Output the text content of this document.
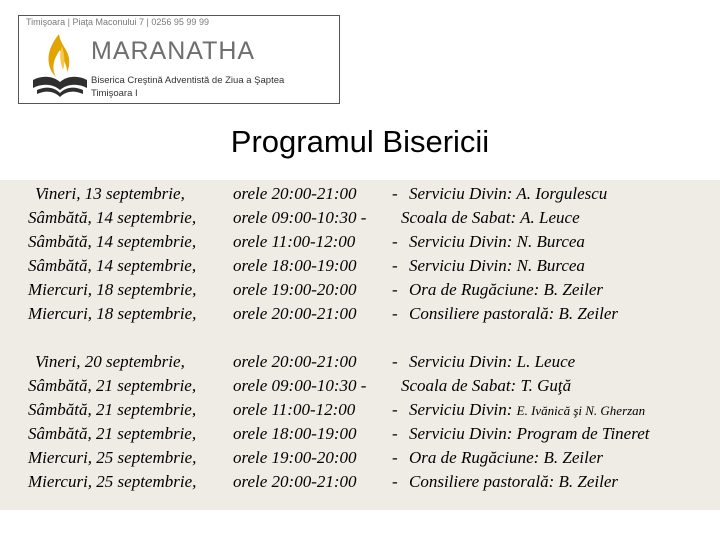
Timişoara | Piaţa Maconului 7 | 0256 95 99 99
MARANATHA
Biserica Creştină Adventistă de Ziua a Şaptea
Timişoara I
Programul Bisericii
Vineri, 13 septembrie,	orele 20:00-21:00 - Serviciu Divin: A. Iorgulescu
Sâmbătă, 14 septembrie, orele 09:00-10:30 - Scoala de Sabat: A. Leuce
Sâmbătă, 14 septembrie, orele 11:00-12:00 - Serviciu Divin: N. Burcea
Sâmbătă, 14 septembrie, orele 18:00-19:00 - Serviciu Divin: N. Burcea
Miercuri, 18 septembrie, orele 19:00-20:00 - Ora de Rugăciune: B. Zeiler
Miercuri, 18 septembrie, orele 20:00-21:00 - Consiliere pastorală: B. Zeiler
Vineri, 20 septembrie,	orele 20:00-21:00 - Serviciu Divin: L. Leuce
Sâmbătă, 21 septembrie, orele 09:00-10:30 - Scoala de Sabat: T. Guţă
Sâmbătă, 21 septembrie, orele 11:00-12:00 - Serviciu Divin: E. Ivănică şi N. Gherzan
Sâmbătă, 21 septembrie, orele 18:00-19:00 - Serviciu Divin: Program de Tineret
Miercuri, 25 septembrie, orele 19:00-20:00 - Ora de Rugăciune: B. Zeiler
Miercuri, 25 septembrie, orele 20:00-21:00 - Consiliere pastorală: B. Zeiler
